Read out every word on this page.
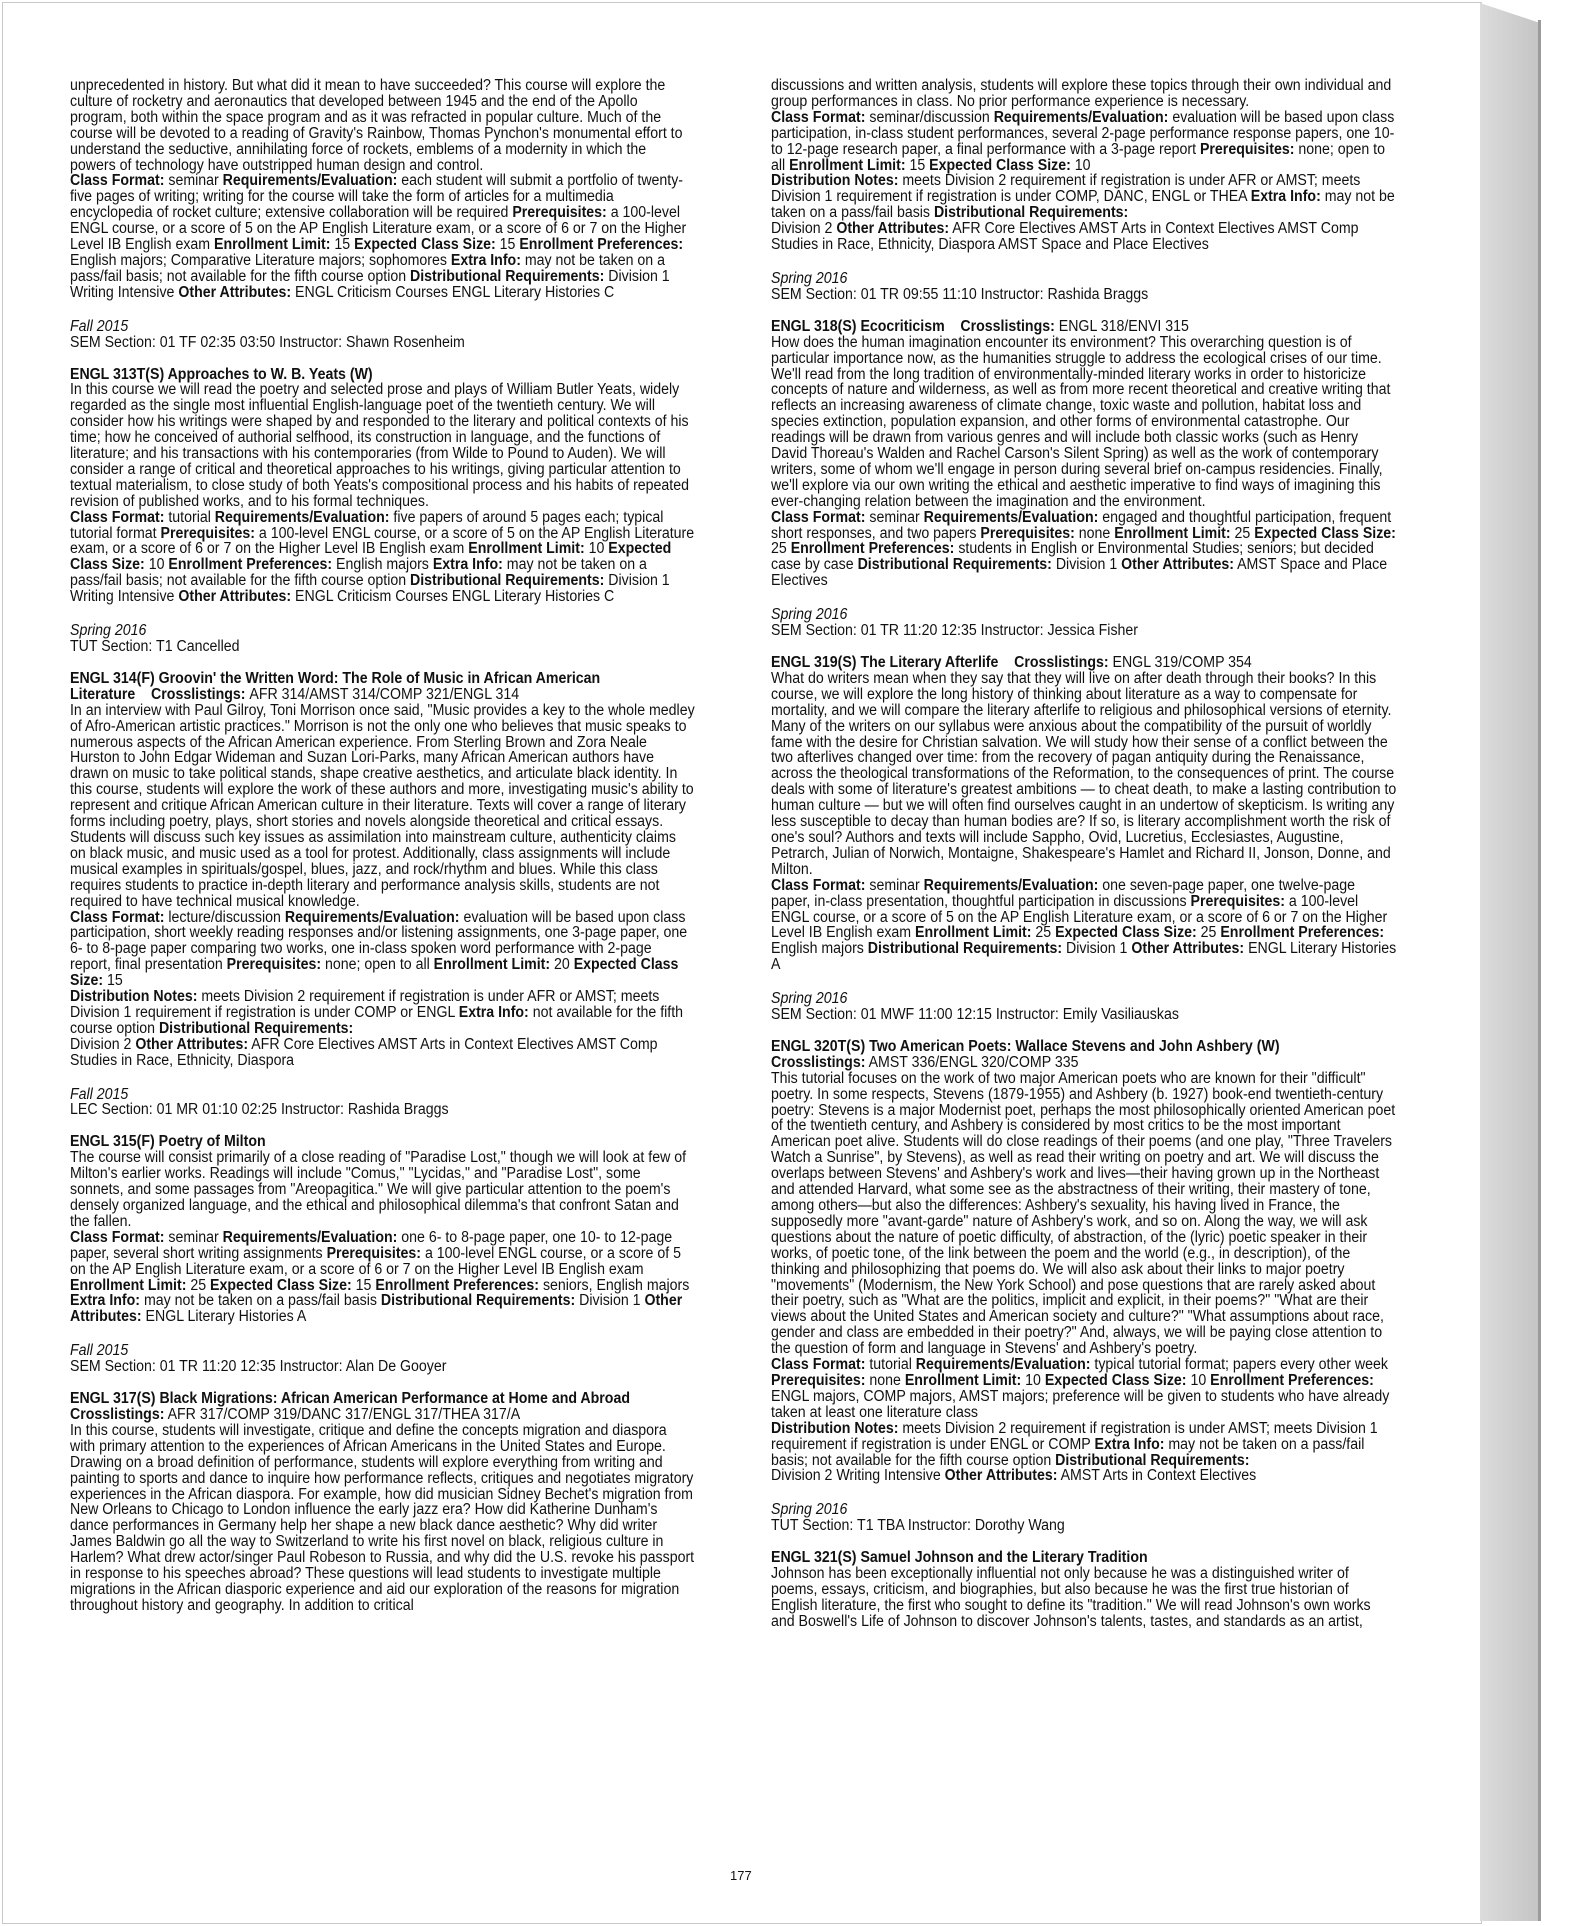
unprecedented in history. But what did it mean to have succeeded? This course will explore the culture of rocketry and aeronautics that developed between 1945 and the end of the Apollo program, both within the space program and as it was refracted in popular culture. Much of the course will be devoted to a reading of Gravity's Rainbow, Thomas Pynchon's monumental effort to understand the seductive, annihilating force of rockets, emblems of a modernity in which the powers of technology have outstripped human design and control.

Class Format: seminar Requirements/Evaluation: each student will submit a portfolio of twenty-five pages of writing; writing for the course will take the form of articles for a multimedia encyclopedia of rocket culture; extensive collaboration will be required Prerequisites: a 100-level ENGL course, or a score of 5 on the AP English Literature exam, or a score of 6 or 7 on the Higher Level IB English exam Enrollment Limit: 15 Expected Class Size: 15 Enrollment Preferences: English majors; Comparative Literature majors; sophomores Extra Info: may not be taken on a pass/fail basis; not available for the fifth course option Distributional Requirements: Division 1 Writing Intensive Other Attributes: ENGL Criticism Courses ENGL Literary Histories C

Fall 2015

SEM Section: 01 TF 02:35 03:50 Instructor: Shawn Rosenheim

ENGL 313T(S) Approaches to W. B. Yeats (W)

In this course we will read the poetry and selected prose and plays of William Butler Yeats, widely regarded as the single most influential English-language poet of the twentieth century. We will consider how his writings were shaped by and responded to the literary and political contexts of his time; how he conceived of authorial selfhood, its construction in language, and the functions of literature; and his transactions with his contemporaries (from Wilde to Pound to Auden). We will consider a range of critical and theoretical approaches to his writings, giving particular attention to textual materialism, to close study of both Yeats's compositional process and his habits of repeated revision of published works, and to his formal techniques.

Class Format: tutorial Requirements/Evaluation: five papers of around 5 pages each; typical tutorial format Prerequisites: a 100-level ENGL course, or a score of 5 on the AP English Literature exam, or a score of 6 or 7 on the Higher Level IB English exam Enrollment Limit: 10 Expected Class Size: 10 Enrollment Preferences: English majors Extra Info: may not be taken on a pass/fail basis; not available for the fifth course option Distributional Requirements: Division 1 Writing Intensive Other Attributes: ENGL Criticism Courses ENGL Literary Histories C

Spring 2016

TUT Section: T1 Cancelled

ENGL 314(F) Groovin' the Written Word: The Role of Music in African American Literature Crosslistings: AFR 314/AMST 314/COMP 321/ENGL 314

In an interview with Paul Gilroy, Toni Morrison once said, "Music provides a key to the whole medley of Afro-American artistic practices." Morrison is not the only one who believes that music speaks to numerous aspects of the African American experience. From Sterling Brown and Zora Neale Hurston to John Edgar Wideman and Suzan Lori-Parks, many African American authors have drawn on music to take political stands, shape creative aesthetics, and articulate black identity. In this course, students will explore the work of these authors and more, investigating music's ability to represent and critique African American culture in their literature. Texts will cover a range of literary forms including poetry, plays, short stories and novels alongside theoretical and critical essays. Students will discuss such key issues as assimilation into mainstream culture, authenticity claims on black music, and music used as a tool for protest. Additionally, class assignments will include musical examples in spirituals/gospel, blues, jazz, and rock/rhythm and blues. While this class requires students to practice in-depth literary and performance analysis skills, students are not required to have technical musical knowledge.

Class Format: lecture/discussion Requirements/Evaluation: evaluation will be based upon class participation, short weekly reading responses and/or listening assignments, one 3-page paper, one 6- to 8-page paper comparing two works, one in-class spoken word performance with 2-page report, final presentation Prerequisites: none; open to all Enrollment Limit: 20 Expected Class Size: 15

Distribution Notes: meets Division 2 requirement if registration is under AFR or AMST; meets Division 1 requirement if registration is under COMP or ENGL Extra Info: not available for the fifth course option Distributional Requirements:

Division 2 Other Attributes: AFR Core Electives AMST Arts in Context Electives AMST Comp Studies in Race, Ethnicity, Diaspora

Fall 2015

LEC Section: 01 MR 01:10 02:25 Instructor: Rashida Braggs

ENGL 315(F) Poetry of Milton

The course will consist primarily of a close reading of "Paradise Lost," though we will look at few of Milton's earlier works. Readings will include "Comus," "Lycidas," and "Paradise Lost", some sonnets, and some passages from "Areopagitica." We will give particular attention to the poem's densely organized language, and the ethical and philosophical dilemma's that confront Satan and the fallen.

Class Format: seminar Requirements/Evaluation: one 6- to 8-page paper, one 10- to 12-page paper, several short writing assignments Prerequisites: a 100-level ENGL course, or a score of 5 on the AP English Literature exam, or a score of 6 or 7 on the Higher Level IB English exam Enrollment Limit: 25 Expected Class Size: 15 Enrollment Preferences: seniors, English majors Extra Info: may not be taken on a pass/fail basis Distributional Requirements: Division 1 Other Attributes: ENGL Literary Histories A

Fall 2015

SEM Section: 01 TR 11:20 12:35 Instructor: Alan De Gooyer

ENGL 317(S) Black Migrations: African American Performance at Home and Abroad

Crosslistings: AFR 317/COMP 319/DANC 317/ENGL 317/THEA 317/A

In this course, students will investigate, critique and define the concepts migration and diaspora with primary attention to the experiences of African Americans in the United States and Europe. Drawing on a broad definition of performance, students will explore everything from writing and painting to sports and dance to inquire how performance reflects, critiques and negotiates migratory experiences in the African diaspora. For example, how did musician Sidney Bechet's migration from New Orleans to Chicago to London influence the early jazz era? How did Katherine Dunham's dance performances in Germany help her shape a new black dance aesthetic? Why did writer James Baldwin go all the way to Switzerland to write his first novel on black, religious culture in Harlem? What drew actor/singer Paul Robeson to Russia, and why did the U.S. revoke his passport in response to his speeches abroad? These questions will lead students to investigate multiple migrations in the African diasporic experience and aid our exploration of the reasons for migration throughout history and geography. In addition to critical

discussions and written analysis, students will explore these topics through their own individual and group performances in class. No prior performance experience is necessary.

Class Format: seminar/discussion Requirements/Evaluation: evaluation will be based upon class participation, in-class student performances, several 2-page performance response papers, one 10- to 12-page research paper, a final performance with a 3-page report Prerequisites: none; open to all Enrollment Limit: 15 Expected Class Size: 10

Distribution Notes: meets Division 2 requirement if registration is under AFR or AMST; meets Division 1 requirement if registration is under COMP, DANC, ENGL or THEA Extra Info: may not be taken on a pass/fail basis Distributional Requirements:

Division 2 Other Attributes: AFR Core Electives AMST Arts in Context Electives AMST Comp Studies in Race, Ethnicity, Diaspora AMST Space and Place Electives

Spring 2016

SEM Section: 01 TR 09:55 11:10 Instructor: Rashida Braggs

ENGL 318(S) Ecocriticism Crosslistings: ENGL 318/ENVI 315

How does the human imagination encounter its environment? This overarching question is of particular importance now, as the humanities struggle to address the ecological crises of our time. We'll read from the long tradition of environmentally-minded literary works in order to historicize concepts of nature and wilderness, as well as from more recent theoretical and creative writing that reflects an increasing awareness of climate change, toxic waste and pollution, habitat loss and species extinction, population expansion, and other forms of environmental catastrophe. Our readings will be drawn from various genres and will include both classic works (such as Henry David Thoreau's Walden and Rachel Carson's Silent Spring) as well as the work of contemporary writers, some of whom we'll engage in person during several brief on-campus residencies. Finally, we'll explore via our own writing the ethical and aesthetic imperative to find ways of imagining this ever-changing relation between the imagination and the environment.

Class Format: seminar Requirements/Evaluation: engaged and thoughtful participation, frequent short responses, and two papers Prerequisites: none Enrollment Limit: 25 Expected Class Size: 25 Enrollment Preferences: students in English or Environmental Studies; seniors; but decided case by case Distributional Requirements: Division 1 Other Attributes: AMST Space and Place Electives

Spring 2016

SEM Section: 01 TR 11:20 12:35 Instructor: Jessica Fisher

ENGL 319(S) The Literary Afterlife Crosslistings: ENGL 319/COMP 354

What do writers mean when they say that they will live on after death through their books? In this course, we will explore the long history of thinking about literature as a way to compensate for mortality, and we will compare the literary afterlife to religious and philosophical versions of eternity. Many of the writers on our syllabus were anxious about the compatibility of the pursuit of worldly fame with the desire for Christian salvation. We will study how their sense of a conflict between the two afterlives changed over time: from the recovery of pagan antiquity during the Renaissance, across the theological transformations of the Reformation, to the consequences of print. The course deals with some of literature's greatest ambitions — to cheat death, to make a lasting contribution to human culture — but we will often find ourselves caught in an undertow of skepticism. Is writing any less susceptible to decay than human bodies are? If so, is literary accomplishment worth the risk of one's soul? Authors and texts will include Sappho, Ovid, Lucretius, Ecclesiastes, Augustine, Petrarch, Julian of Norwich, Montaigne, Shakespeare's Hamlet and Richard II, Jonson, Donne, and Milton.

Class Format: seminar Requirements/Evaluation: one seven-page paper, one twelve-page paper, in-class presentation, thoughtful participation in discussions Prerequisites: a 100-level ENGL course, or a score of 5 on the AP English Literature exam, or a score of 6 or 7 on the Higher Level IB English exam Enrollment Limit: 25 Expected Class Size: 25 Enrollment Preferences: English majors Distributional Requirements: Division 1 Other Attributes: ENGL Literary Histories A

Spring 2016

SEM Section: 01 MWF 11:00 12:15 Instructor: Emily Vasiliauskas

ENGL 320T(S) Two American Poets: Wallace Stevens and John Ashbery (W)

Crosslistings: AMST 336/ENGL 320/COMP 335

This tutorial focuses on the work of two major American poets who are known for their "difficult" poetry. In some respects, Stevens (1879-1955) and Ashbery (b. 1927) book-end twentieth-century poetry: Stevens is a major Modernist poet, perhaps the most philosophically oriented American poet of the twentieth century, and Ashbery is considered by most critics to be the most important American poet alive. Students will do close readings of their poems (and one play, "Three Travelers Watch a Sunrise", by Stevens), as well as read their writing on poetry and art. We will discuss the overlaps between Stevens' and Ashbery's work and lives—their having grown up in the Northeast and attended Harvard, what some see as the abstractness of their writing, their mastery of tone, among others—but also the differences: Ashbery's sexuality, his having lived in France, the supposedly more "avant-garde" nature of Ashbery's work, and so on. Along the way, we will ask questions about the nature of poetic difficulty, of abstraction, of the (lyric) poetic speaker in their works, of poetic tone, of the link between the poem and the world (e.g., in description), of the thinking and philosophizing that poems do. We will also ask about their links to major poetry "movements" (Modernism, the New York School) and pose questions that are rarely asked about their poetry, such as "What are the politics, implicit and explicit, in their poems?" "What are their views about the United States and American society and culture?" "What assumptions about race, gender and class are embedded in their poetry?" And, always, we will be paying close attention to the question of form and language in Stevens' and Ashbery's poetry.

Class Format: tutorial Requirements/Evaluation: typical tutorial format; papers every other week Prerequisites: none Enrollment Limit: 10 Expected Class Size: 10 Enrollment Preferences: ENGL majors, COMP majors, AMST majors; preference will be given to students who have already taken at least one literature class

Distribution Notes: meets Division 2 requirement if registration is under AMST; meets Division 1 requirement if registration is under ENGL or COMP Extra Info: may not be taken on a pass/fail basis; not available for the fifth course option Distributional Requirements:

Division 2 Writing Intensive Other Attributes: AMST Arts in Context Electives

Spring 2016

TUT Section: T1 TBA Instructor: Dorothy Wang

ENGL 321(S) Samuel Johnson and the Literary Tradition

Johnson has been exceptionally influential not only because he was a distinguished writer of poems, essays, criticism, and biographies, but also because he was the first true historian of English literature, the first who sought to define its "tradition." We will read Johnson's own works and Boswell's Life of Johnson to discover Johnson's talents, tastes, and standards as an artist,

177
